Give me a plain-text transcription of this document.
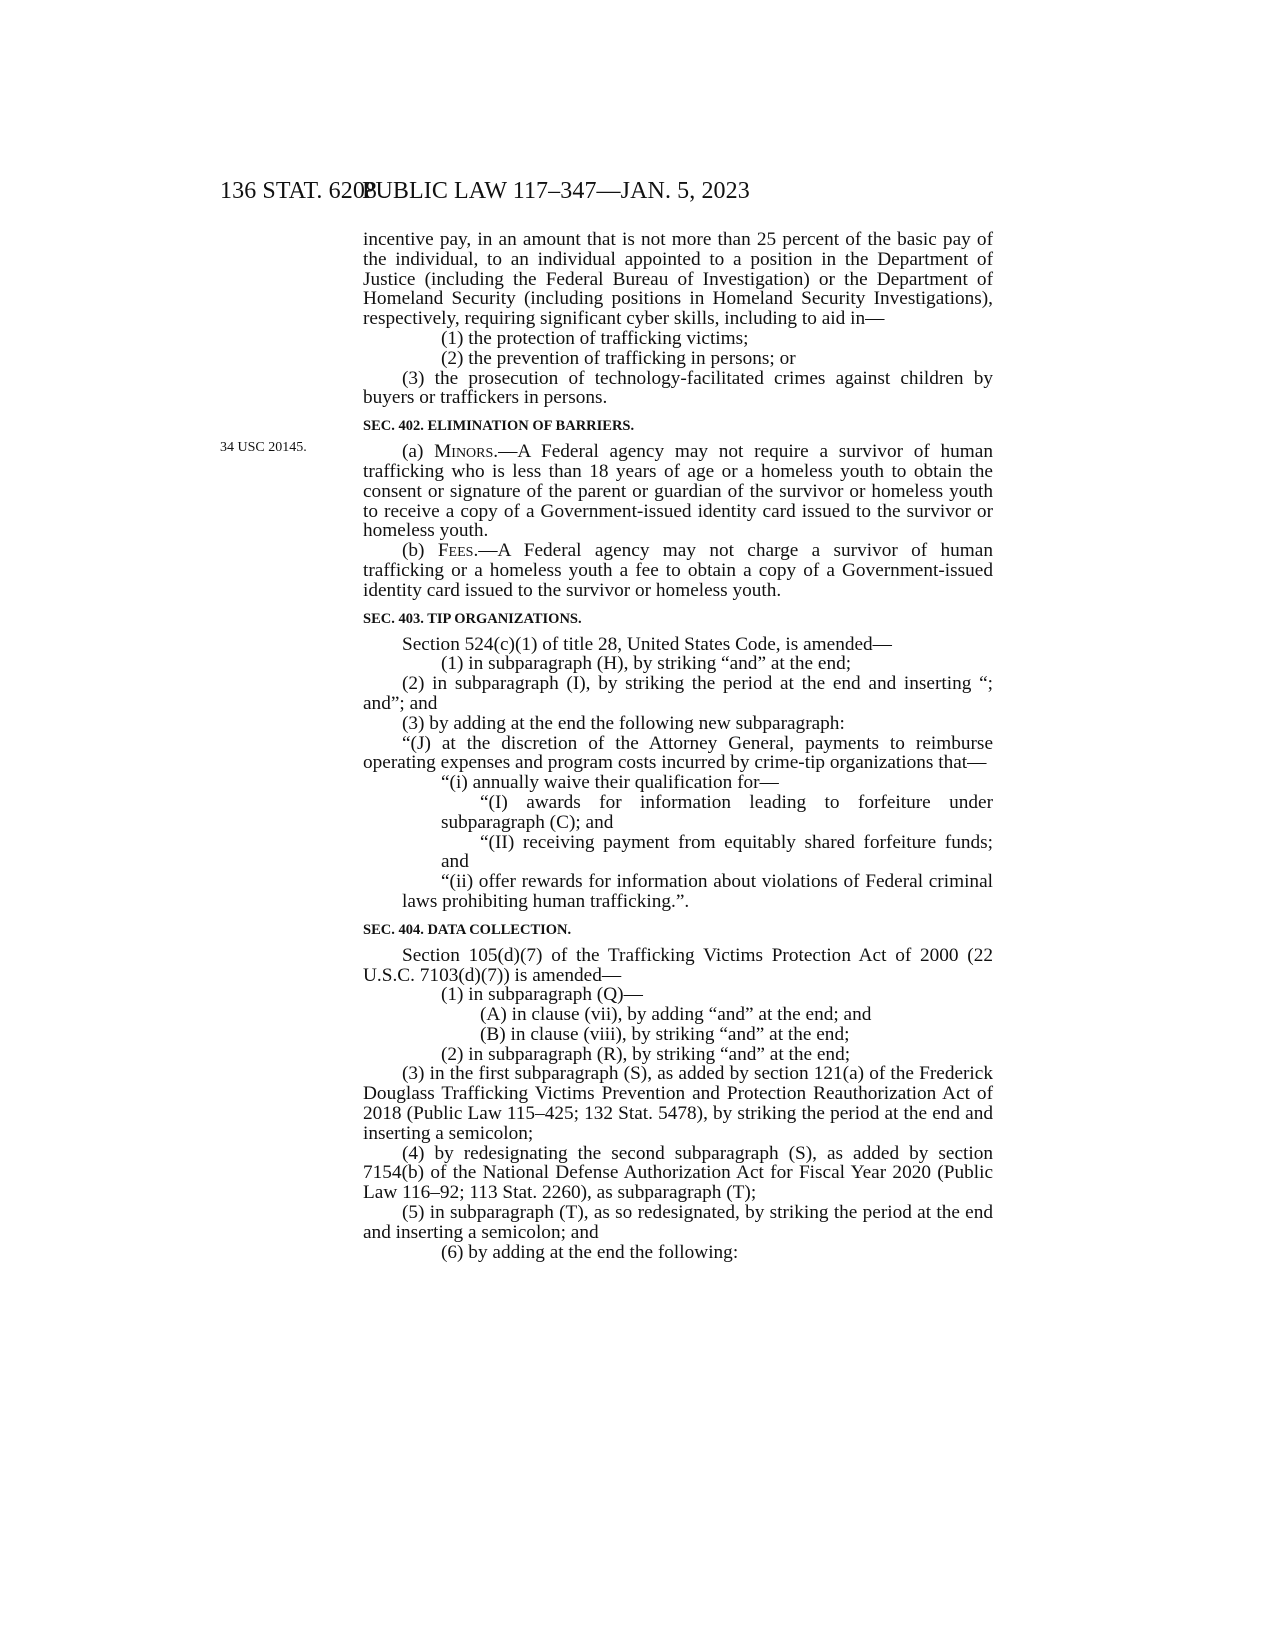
136 STAT. 6208
PUBLIC LAW 117–347—JAN. 5, 2023
34 USC 20145.

incentive pay, in an amount that is not more than 25 percent of the basic pay of the individual, to an individual appointed to a position in the Department of Justice (including the Federal Bureau of Investigation) or the Department of Homeland Security (including positions in Homeland Security Investigations), respectively, requiring significant cyber skills, including to aid in—

(1) the protection of trafficking victims;

(2) the prevention of trafficking in persons; or

(3) the prosecution of technology-facilitated crimes against children by buyers or traffickers in persons.

SEC. 402. ELIMINATION OF BARRIERS.

(a) Minors.—A Federal agency may not require a survivor of human trafficking who is less than 18 years of age or a homeless youth to obtain the consent or signature of the parent or guardian of the survivor or homeless youth to receive a copy of a Government-issued identity card issued to the survivor or homeless youth.

(b) Fees.—A Federal agency may not charge a survivor of human trafficking or a homeless youth a fee to obtain a copy of a Government-issued identity card issued to the survivor or homeless youth.

SEC. 403. TIP ORGANIZATIONS.

Section 524(c)(1) of title 28, United States Code, is amended—

(1) in subparagraph (H), by striking “and” at the end;

(2) in subparagraph (I), by striking the period at the end and inserting “; and”; and

(3) by adding at the end the following new subparagraph:

“(J) at the discretion of the Attorney General, payments to reimburse operating expenses and program costs incurred by crime-tip organizations that—

“(i) annually waive their qualification for—

“(I) awards for information leading to forfeiture under subparagraph (C); and

“(II) receiving payment from equitably shared forfeiture funds; and

“(ii) offer rewards for information about violations of Federal criminal laws prohibiting human trafficking.”.

SEC. 404. DATA COLLECTION.

Section 105(d)(7) of the Trafficking Victims Protection Act of 2000 (22 U.S.C. 7103(d)(7)) is amended—

(1) in subparagraph (Q)—

(A) in clause (vii), by adding “and” at the end; and

(B) in clause (viii), by striking “and” at the end;

(2) in subparagraph (R), by striking “and” at the end;

(3) in the first subparagraph (S), as added by section 121(a) of the Frederick Douglass Trafficking Victims Prevention and Protection Reauthorization Act of 2018 (Public Law 115–425; 132 Stat. 5478), by striking the period at the end and inserting a semicolon;

(4) by redesignating the second subparagraph (S), as added by section 7154(b) of the National Defense Authorization Act for Fiscal Year 2020 (Public Law 116–92; 113 Stat. 2260), as subparagraph (T);

(5) in subparagraph (T), as so redesignated, by striking the period at the end and inserting a semicolon; and

(6) by adding at the end the following:
